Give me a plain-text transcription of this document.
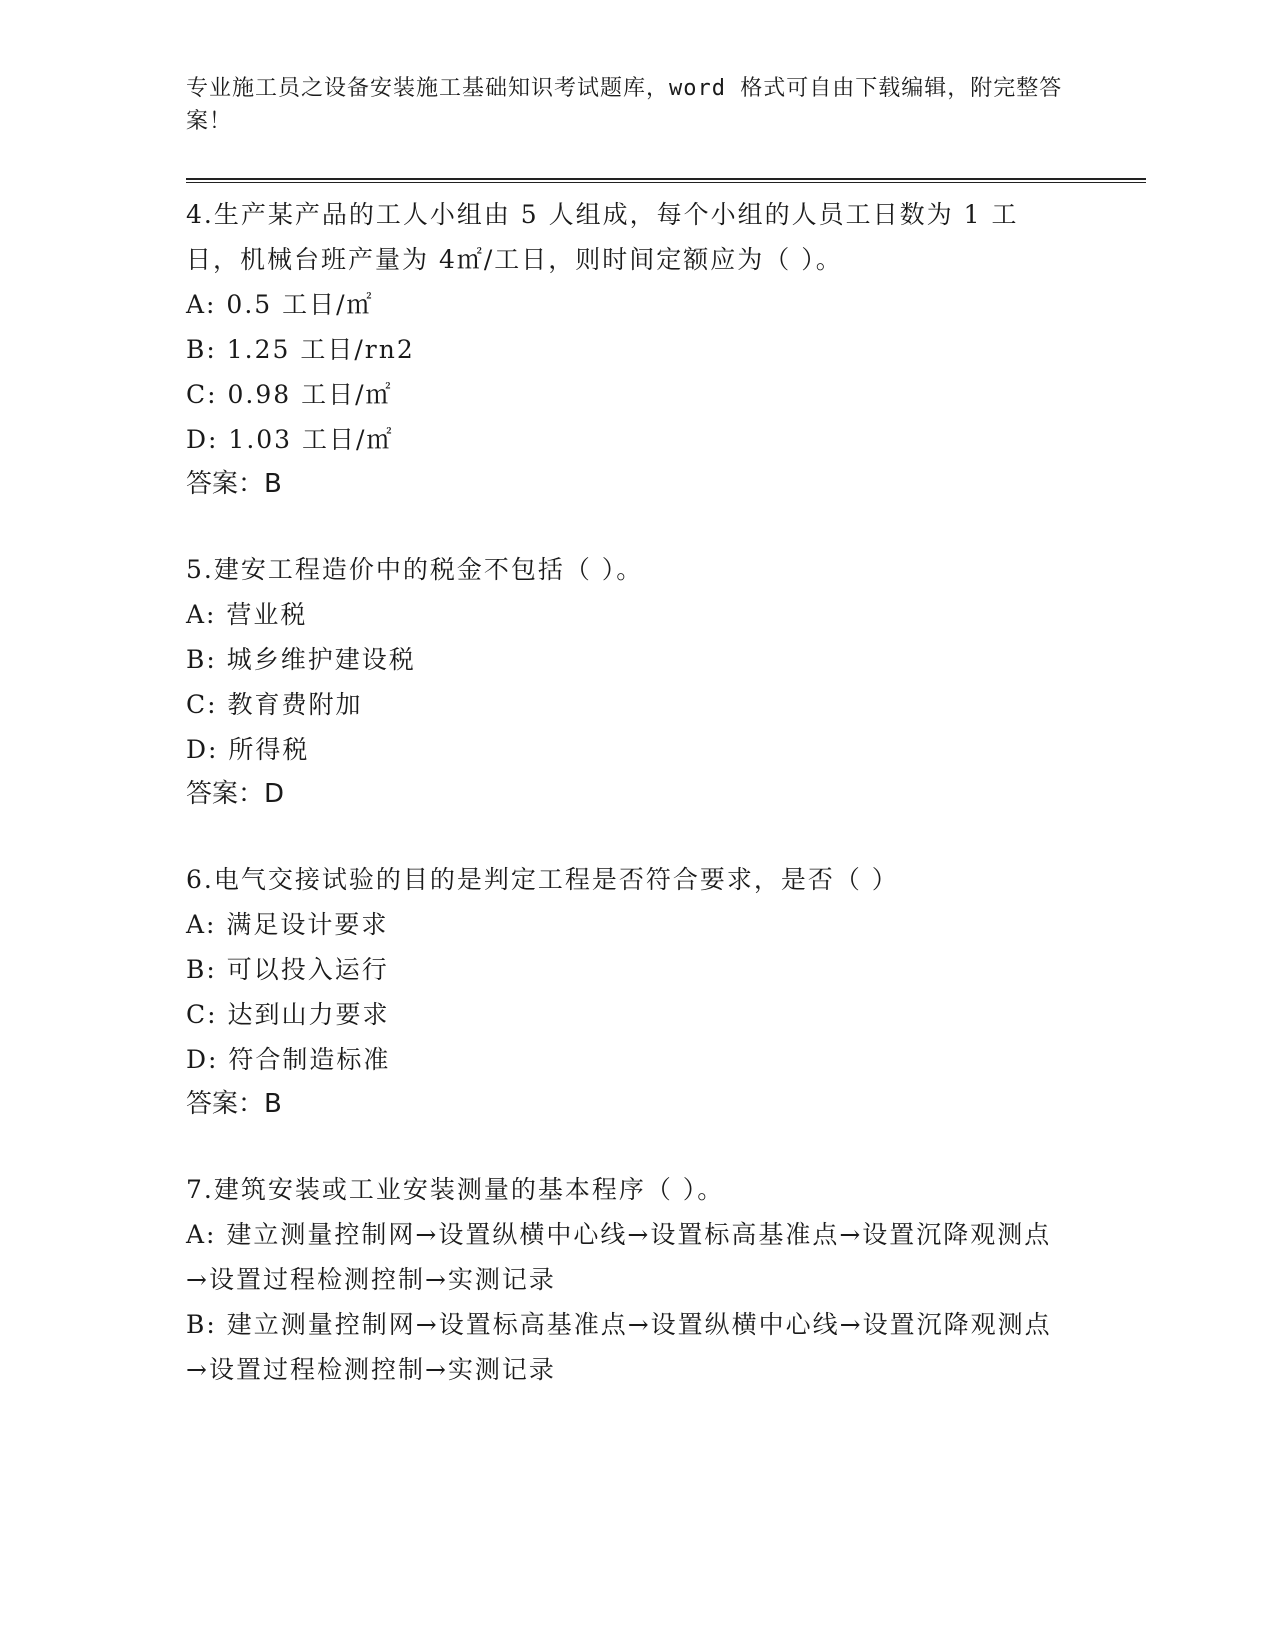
专业施工员之设备安装施工基础知识考试题库，word 格式可自由下载编辑，附完整答案！

4.生产某产品的工人小组由 5 人组成，每个小组的人员工日数为 1 工日，机械台班产量为 4㎡/工日，则时间定额应为（ ）。

A: 0.5 工日/㎡

B: 1.25 工日/rn2

C: 0.98 工日/㎡

D: 1.03 工日/㎡

答案：B

5.建安工程造价中的税金不包括（ ）。

A: 营业税

B: 城乡维护建设税

C: 教育费附加

D: 所得税

答案：D

6.电气交接试验的目的是判定工程是否符合要求，是否（ ）

A: 满足设计要求

B: 可以投入运行

C: 达到山力要求

D: 符合制造标准

答案：B

7.建筑安装或工业安装测量的基本程序（ ）。

A: 建立测量控制网→设置纵横中心线→设置标高基准点→设置沉降观测点→设置过程检测控制→实测记录

B: 建立测量控制网→设置标高基准点→设置纵横中心线→设置沉降观测点→设置过程检测控制→实测记录
